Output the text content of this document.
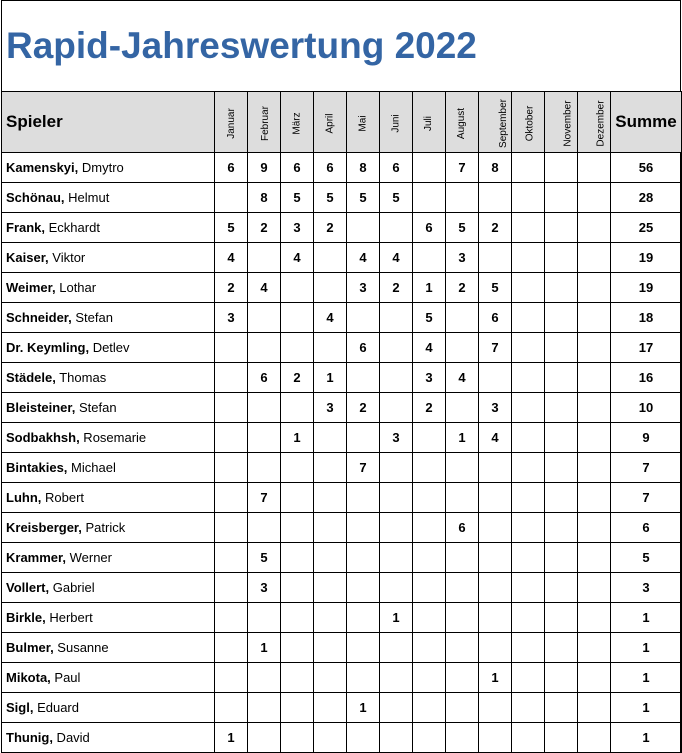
Rapid-Jahreswertung 2022
Spieler	Januar	Februar	März	April	Mai	Juni	Juli	August	September	Oktober	November	Dezember	Summe
Kamenskyi, Dmytro	6	9	6	6	8	6		7	8				56
Schönau, Helmut		8	5	5	5	5							28
Frank, Eckhardt	5	2	3	2			6	5	2				25
Kaiser, Viktor	4		4		4	4		3					19
Weimer, Lothar	2	4			3	2	1	2	5				19
Schneider, Stefan	3			4			5		6				18
Dr. Keymling, Detlev					6		4		7				17
Städele, Thomas		6	2	1			3	4					16
Bleisteiner, Stefan				3	2		2		3				10
Sodbakhsh, Rosemarie			1			3		1	4				9
Bintakies, Michael					7								7
Luhn, Robert		7											7
Kreisberger, Patrick								6					6
Krammer, Werner		5											5
Vollert, Gabriel		3											3
Birkle, Herbert						1							1
Bulmer, Susanne		1											1
Mikota, Paul									1				1
Sigl, Eduard					1								1
Thunig, David	1												1
